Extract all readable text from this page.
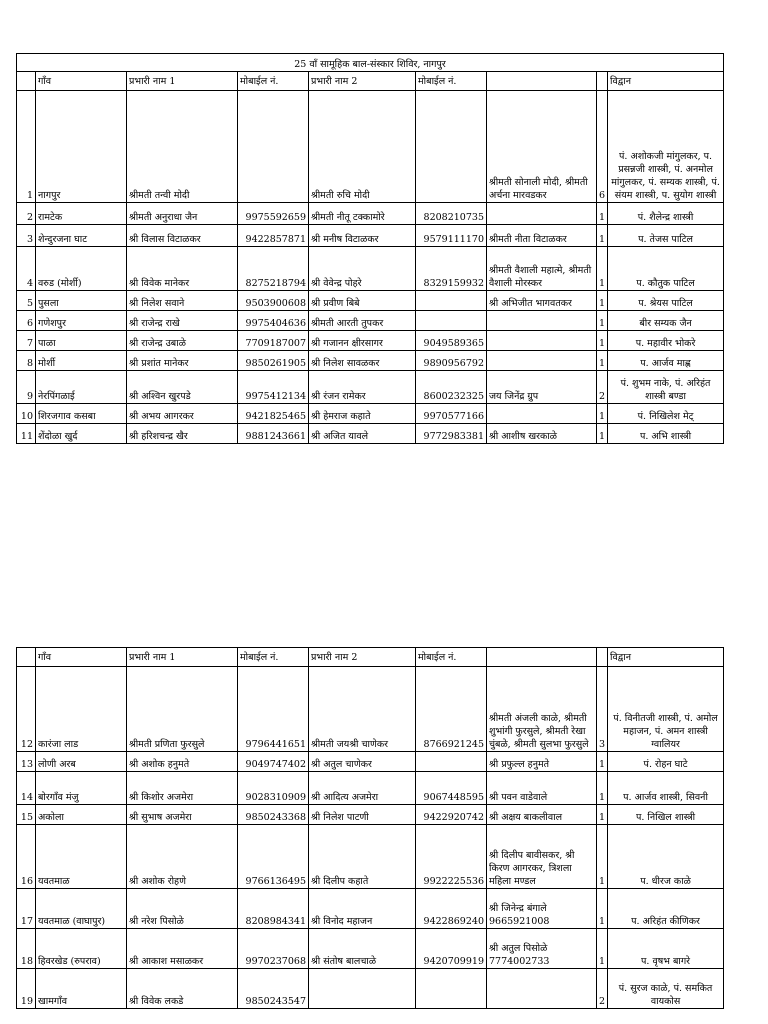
25 वाँ सामूहिक बाल-संस्कार शिविर, नागपुर								
	गाँव	प्रभारी नाम 1	मोबाईल नं.	प्रभारी नाम 2	मोबाईल नं.			विद्वान
1	नागपुर	श्रीमती तन्वी मोदी		श्रीमती रुचि मोदी		श्रीमती सोनाली मोदी, श्रीमती अर्चना मारवडकर	6	पं. अशोकजी मांगुलकर, प. प्रसन्नजी शास्त्री, पं. अनमोल मांगुलकर, पं. सम्यक शास्त्री, पं. संयम शास्त्री, प. सुयोग शास्त्री
2	रामटेक	श्रीमती अनुराधा जैन	9975592659	श्रीमती नीतू टक्कामोरे	8208210735		1	पं. शैलेन्द्र शास्त्री
3	शेन्दुरजना घाट	श्री विलास विटाळकर	9422857871	श्री मनीष विटाळकर	9579111170	श्रीमती नीता विटाळकर	1	प. तेजस पाटिल
4	वरुड (मोर्शी)	श्री विवेक मानेकर	8275218794	श्री वेवेन्द्र पोहरे	8329159932	श्रीमती वैशाली महात्मे, श्रीमती वैशाली मोरस्कर	1	प. कौतुक पाटिल
5	पुसला	श्री निलेश सवाने	9503900608	श्री प्रवीण बिबे		श्री अभिजीत भागवतकर	1	प. श्रेयस पाटिल
6	गणेशपुर	श्री राजेन्द्र राखे	9975404636	श्रीमती आरती तुपकर			1	बीर सम्यक जैन
7	पाळा	श्री राजेन्द्र उबाळे	7709187007	श्री गजानन क्षीरसागर	9049589365		1	प. महावीर भोकरे
8	मोर्शी	श्री प्रशांत मानेकर	9850261905	श्री निलेश सावळकर	9890956792		1	प. आर्जव माह्ण
9	नेरपिंगळाई	श्री अश्विन खुरपडे	9975412134	श्री रंजन रामेकर	8600232325	जय जिनेंद्र ग्रुप	2	पं. शुभम नाके, पं. अरिहंत शास्त्री बण्डा
10	शिरजगाव कसबा	श्री अभय आगरकर	9421825465	श्री हेमराज कहाते	9970577166		1	पं. निखिलेश मेट्
11	शेंदोळा खुर्द	श्री हरिशचन्द्र खैर	9881243661	श्री अजित यावले	9772983381	श्री आशीष खरकाळे	1	प. अभि शास्त्री
	गाँव	प्रभारी नाम 1	मोबाईल नं.	प्रभारी नाम 2	मोबाईल नं.			विद्वान
12	कारंजा लाड	श्रीमती प्रणिता फुरसुले	9796441651	श्रीमती जयश्री चाणेकर	8766921245	श्रीमती अंजली काळे, श्रीमती शुभांगी फुरसुले, श्रीमती रेखा चुंबळे, श्रीमती सुलभा फुरसुले	3	पं. विनीतजी शास्त्री, पं. अमोल महाजन, पं. अमन शास्त्री ग्वालियर
13	लोणी अरब	श्री अशोक हनुमते	9049747402	श्री अतुल चाणेकर		श्री प्रफुल्ल हनुमते	1	पं. रोहन घाटे
14	बोरगाँव मंजु	श्री किशोर अजमेरा	9028310909	श्री आदित्य अजमेरा	9067448595	श्री पवन वाडेवाले	1	प. आर्जव शास्त्री, सिवनी
15	अकोला	श्री सुभाष अजमेरा	9850243368	श्री निलेश पाटणी	9422920742	श्री अक्षय बाकलीवाल	1	प. निखिल शास्त्री
16	यवतमाळ	श्री अशोक रोहणे	9766136495	श्री दिलीप कहाते	9922225536	श्री दिलीप बावीसकर, श्री किरण आगरकर, त्रिशला महिला मण्डल	1	प. धीरज काळे
17	यवतमाळ (वाघापुर)	श्री नरेश पिसोळे	8208984341	श्री विनोद महाजन	9422869240	श्री जिनेन्द्र बंगाले 9665921008	1	प. अरिहंत कीणिकर
18	हिवरखेड (रुपराव)	श्री आकाश मसाळकर	9970237068	श्री संतोष बालचाळे	9420709919	श्री अतुल पिसोळे 7774002733	1	प. वृषभ बागरे
19	खामगाँव	श्री विवेक लकडे	9850243547				2	पं. सुरज काळे, पं. समकित वायकोस
